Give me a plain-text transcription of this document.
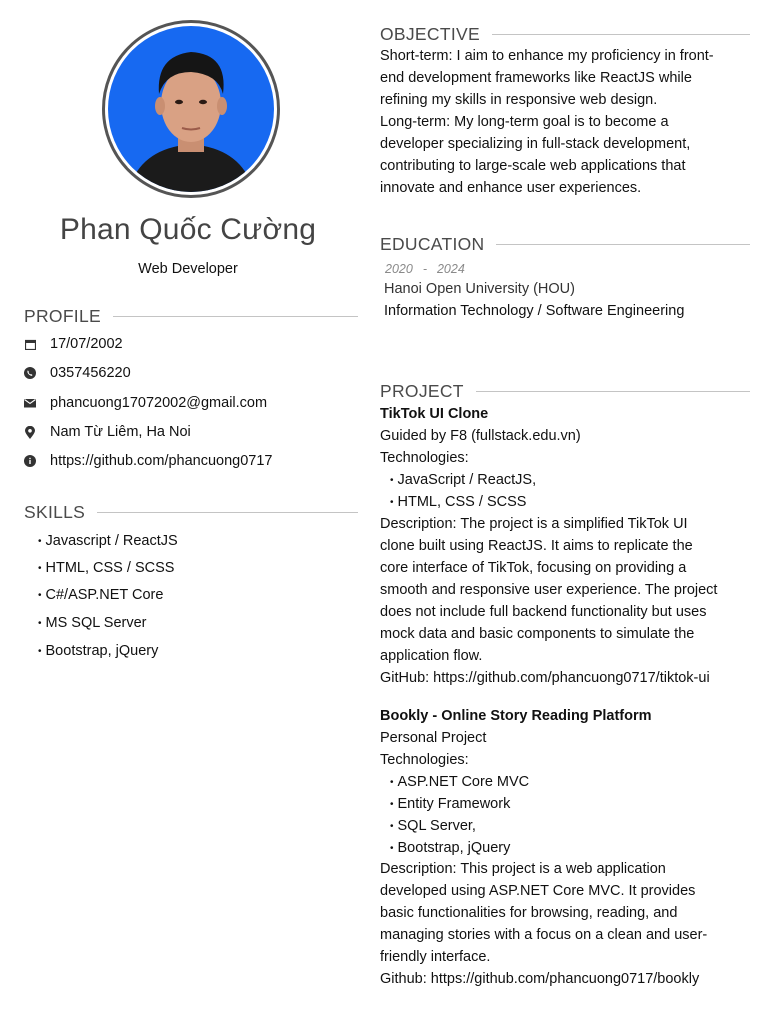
Phan Quốc Cường
Web Developer
PROFILE
17/07/2002
0357456220
phancuong17072002@gmail.com
Nam Từ Liêm, Ha Noi
https://github.com/phancuong0717
SKILLS
• Javascript / ReactJS
• HTML, CSS / SCSS
• C#/ASP.NET Core
• MS SQL Server
• Bootstrap, jQuery
OBJECTIVE
Short-term: I aim to enhance my proficiency in front-
end development frameworks like ReactJS while
refining my skills in responsive web design.
Long-term: My long-term goal is to become a
developer specializing in full-stack development,
contributing to large-scale web applications that
innovate and enhance user experiences.
EDUCATION
2020 - 2024
Hanoi Open University (HOU)
Information Technology / Software Engineering
PROJECT
TikTok UI Clone
Guided by F8 (fullstack.edu.vn)
Technologies:
• JavaScript / ReactJS,
• HTML, CSS / SCSS
Description: The project is a simplified TikTok UI
clone built using ReactJS. It aims to replicate the
core interface of TikTok, focusing on providing a
smooth and responsive user experience. The project
does not include full backend functionality but uses
mock data and basic components to simulate the
application flow.
GitHub: https://github.com/phancuong0717/tiktok-ui
Bookly - Online Story Reading Platform
Personal Project
Technologies:
• ASP.NET Core MVC
• Entity Framework
• SQL Server,
• Bootstrap, jQuery
Description: This project is a web application
developed using ASP.NET Core MVC. It provides
basic functionalities for browsing, reading, and
managing stories with a focus on a clean and user-
friendly interface.
Github: https://github.com/phancuong0717/bookly
